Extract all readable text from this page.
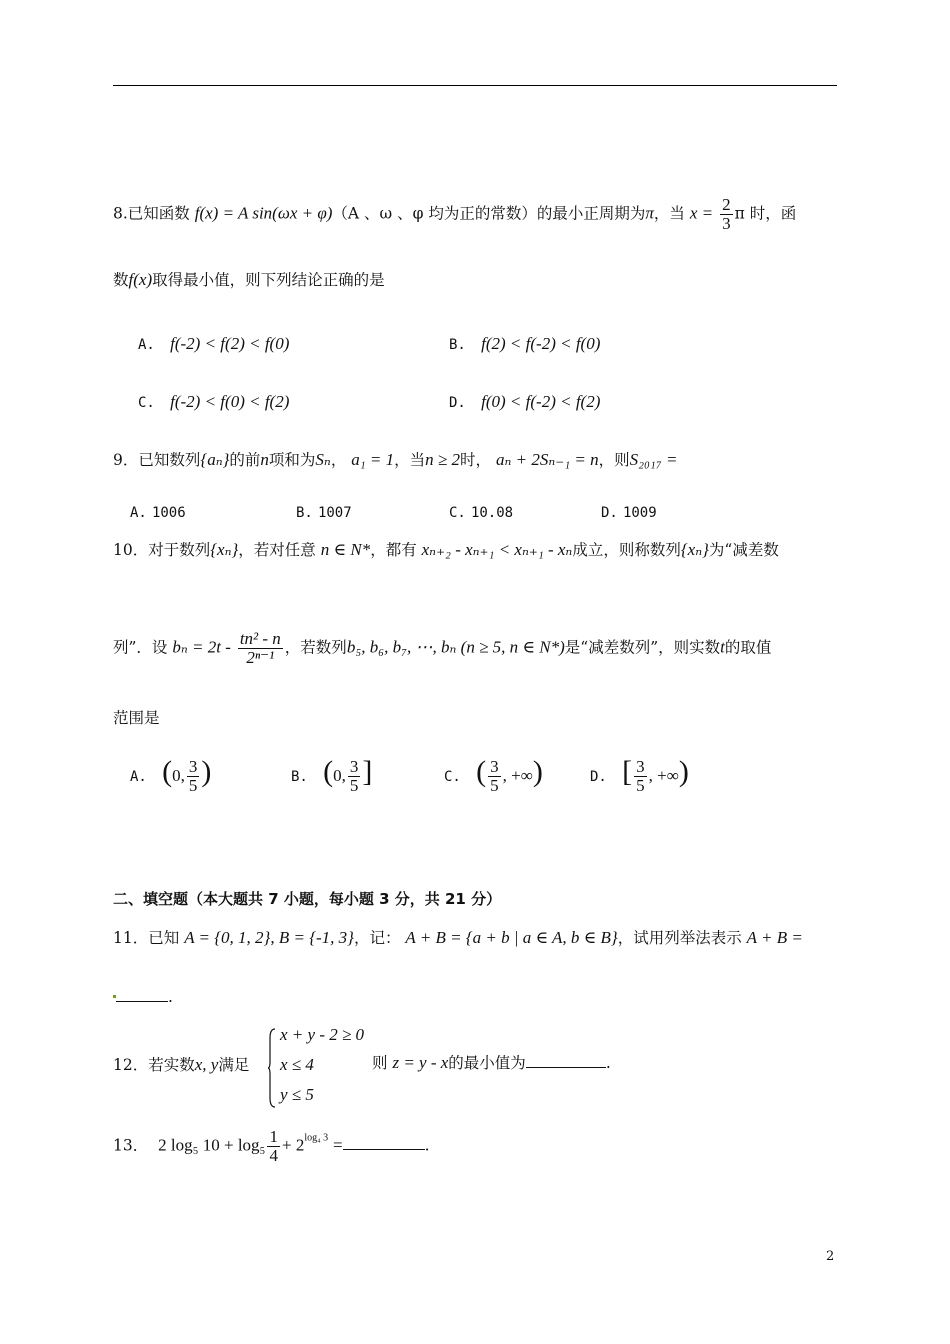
8.已知函数 f(x) = A sin(ωx + φ)（A 、ω 、φ 均为正的常数）的最小正周期为π，当 $x = \frac{2}{3}$ π 时，函
数f(x)取得最小值，则下列结论正确的是
A. f(-2) < f(2) < f(0)	B. f(2) < f(-2) < f(0)
C. f(-2) < f(0) < f(2)	D. f(0) < f(-2) < f(2)
9．已知数列{aₙ}的前n项和为Sₙ， a₁ = 1，当n ≥ 2时， aₙ + 2Sₙ₋₁ = n，则S₂₀₁₇ =
A. 1006	B. 1007	C. 10.08	D. 1009
10．对于数列{xₙ}，若对任意 n ∈ N*，都有 xₙ₊₂ - xₙ₊₁ < xₙ₊₁ - xₙ成立，则称数列{xₙ}为“减差数
列”．设 $b_n = 2t - \frac{\text{tn² - n}}{\text{2ⁿ⁻¹}}$ ，若数列b₅, b₆, b₇, ⋯, bₙ (n ≥ 5, n ∈ N*)是“减差数列”，则实数t的取值
范围是
A. (0, $\frac{3}{5}$ )	B. (0, $\frac{3}{5}$ ]	C. ( $\frac{3}{5}$ , +∞)	D. [ $\frac{3}{5}$ , +∞)
二、填空题（本大题共 7 小题，每小题 3 分，共 21 分）
11．已知 A = {0, 1, 2}, B = {-1, 3}，记： A + B = {a + b | a ∈ A, b ∈ B}，试用列举法表示 A + B =
.
12．若实数x, y满足
x + y - 2 ≥ 0
x ≤ 4
y ≤ 5
则 z = y - x的最小值为	.
13． 2 log₅ $10 + \log_5 \frac{1}{4} + 2^{log_4 3}$ =	.
2
